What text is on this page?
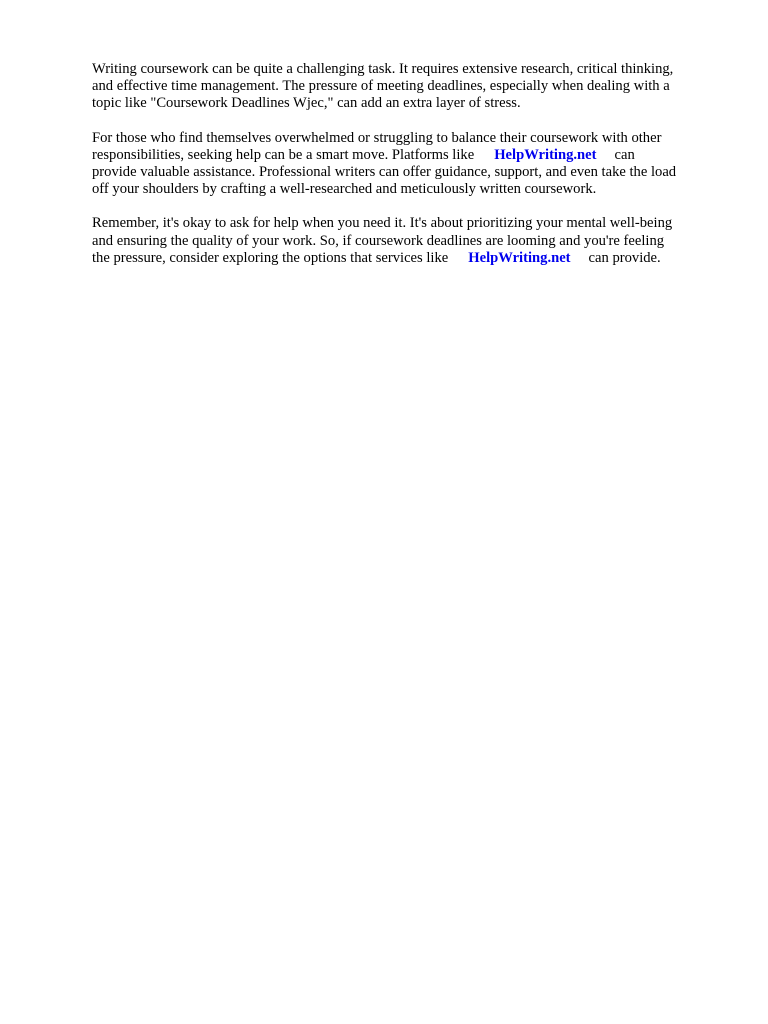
Writing coursework can be quite a challenging task. It requires extensive research, critical thinking,
and effective time management. The pressure of meeting deadlines, especially when dealing with a
topic like "Coursework Deadlines Wjec," can add an extra layer of stress.

For those who find themselves overwhelmed or struggling to balance their coursework with other
responsibilities, seeking help can be a smart move. Platforms like HelpWriting.net can
provide valuable assistance. Professional writers can offer guidance, support, and even take the load
off your shoulders by crafting a well-researched and meticulously written coursework.

Remember, it's okay to ask for help when you need it. It's about prioritizing your mental well-being
and ensuring the quality of your work. So, if coursework deadlines are looming and you're feeling
the pressure, consider exploring the options that services like HelpWriting.net can provide.
